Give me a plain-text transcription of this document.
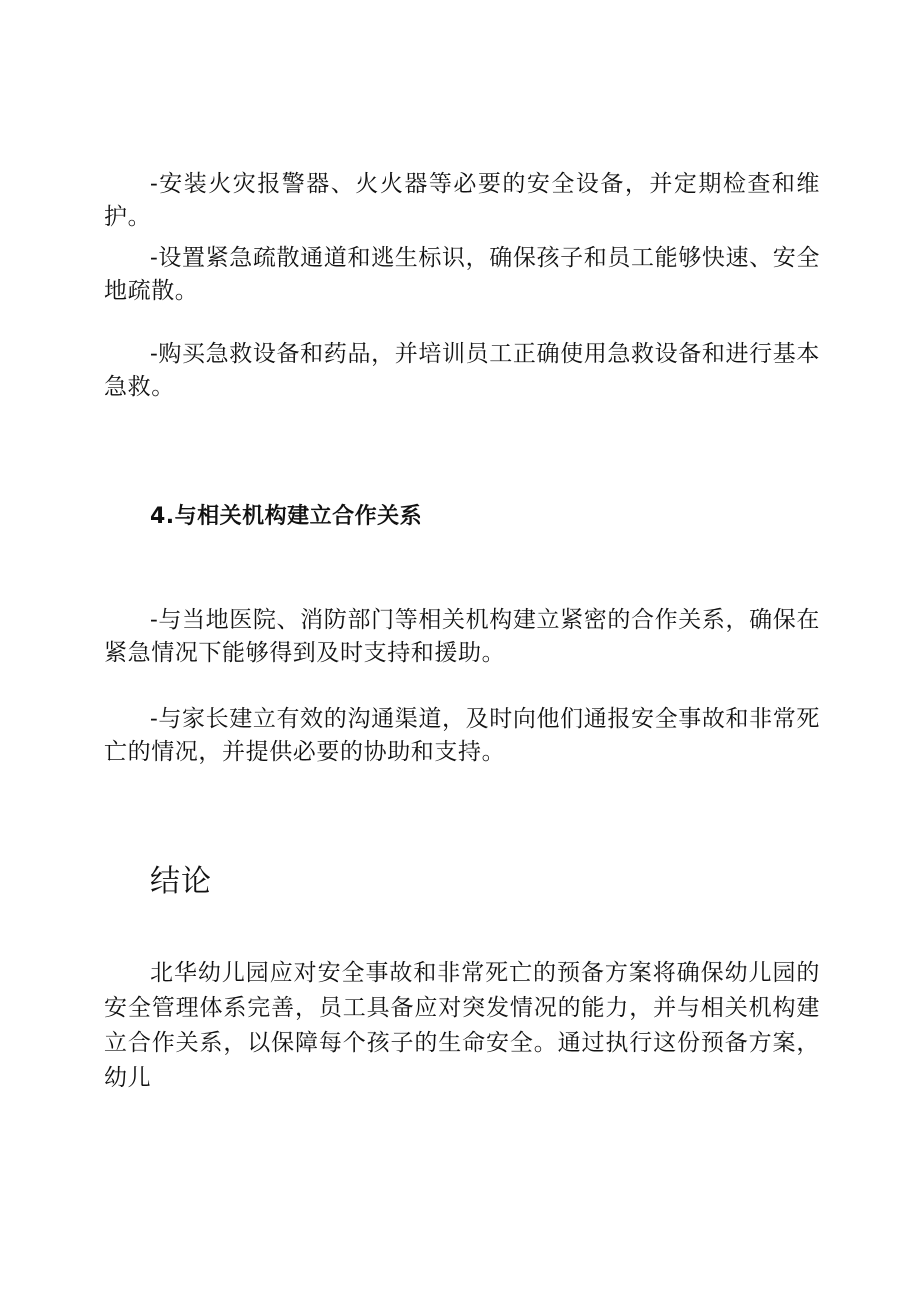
-安装火灾报警器、火火器等必要的安全设备，并定期检查和维护。

-设置紧急疏散通道和逃生标识，确保孩子和员工能够快速、安全地疏散。

-购买急救设备和药品，并培训员工正确使用急救设备和进行基本急救。

4.与相关机构建立合作关系

-与当地医院、消防部门等相关机构建立紧密的合作关系，确保在紧急情况下能够得到及时支持和援助。

-与家长建立有效的沟通渠道，及时向他们通报安全事故和非常死亡的情况，并提供必要的协助和支持。

结论

北华幼儿园应对安全事故和非常死亡的预备方案将确保幼儿园的安全管理体系完善，员工具备应对突发情况的能力，并与相关机构建立合作关系，以保障每个孩子的生命安全。通过执行这份预备方案，幼儿
